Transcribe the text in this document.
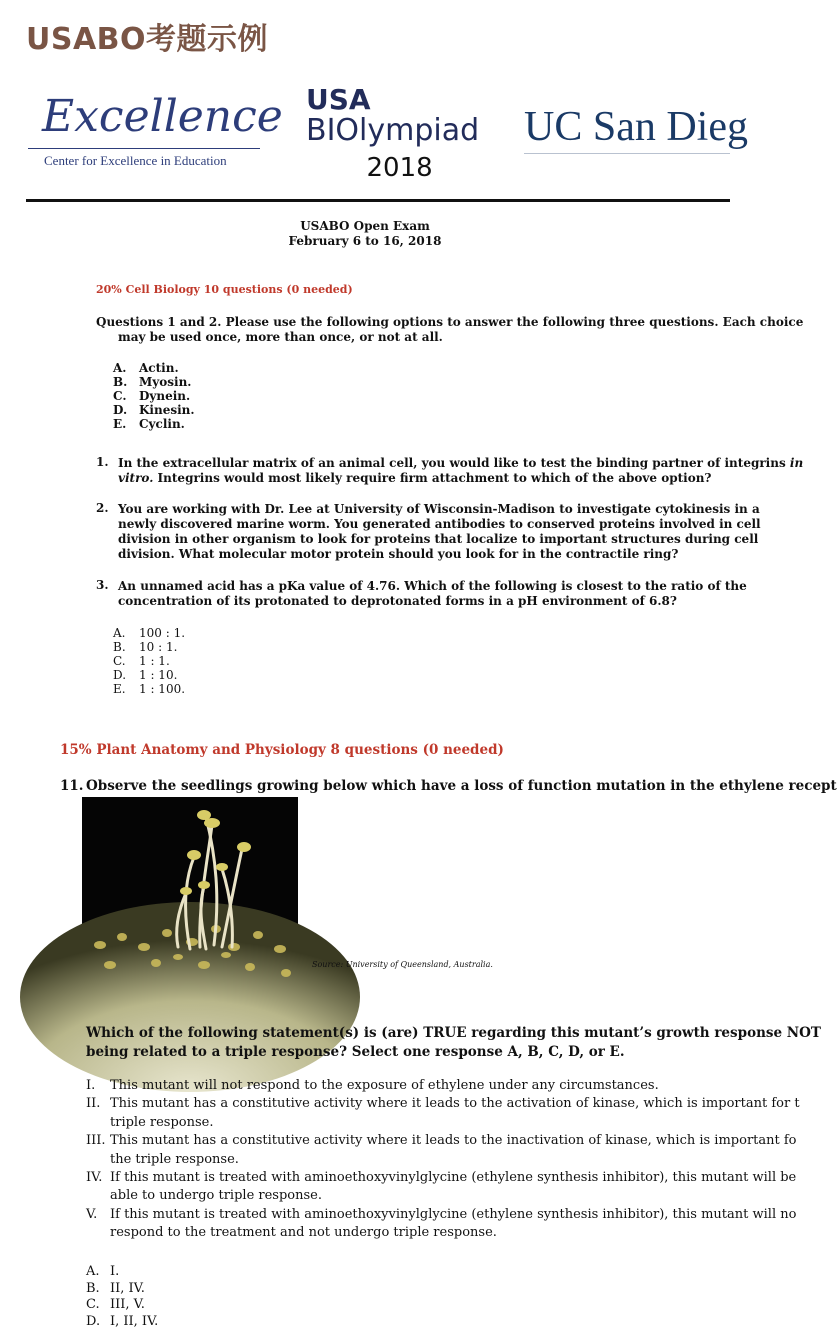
USABO考题示例
Excellence
Center for Excellence in Education
USA
BIOlympiad
2018
UC San Dieg
USABO Open Exam
February 6 to 16, 2018
20% Cell Biology 10 questions (0 needed)
Questions 1 and 2. Please use the following options to answer the following three questions. Each choice
may be used once, more than once, or not at all.
A. Actin.
B. Myosin.
C. Dynein.
D. Kinesin.
E. Cyclin.
1. In the extracellular matrix of an animal cell, you would like to test the binding partner of integrins in
vitro. Integrins would most likely require firm attachment to which of the above option?
2. You are working with Dr. Lee at University of Wisconsin-Madison to investigate cytokinesis in a
newly discovered marine worm. You generated antibodies to conserved proteins involved in cell
division in other organism to look for proteins that localize to important structures during cell
division. What molecular motor protein should you look for in the contractile ring?
3. An unnamed acid has a pKa value of 4.76. Which of the following is closest to the ratio of the
concentration of its protonated to deprotonated forms in a pH environment of 6.8?
A. 100 : 1.
B. 10 : 1.
C. 1 : 1.
D. 1 : 10.
E. 1 : 100.
15% Plant Anatomy and Physiology 8 questions (0 needed)
11. Observe the seedlings growing below which have a loss of function mutation in the ethylene recept
Source: University of Queensland, Australia.
Which of the following statement(s) is (are) TRUE regarding this mutant’s growth response NOT
being related to a triple response? Select one response A, B, C, D, or E.
I. This mutant will not respond to the exposure of ethylene under any circumstances.
II. This mutant has a constitutive activity where it leads to the activation of kinase, which is important for t
triple response.
III. This mutant has a constitutive activity where it leads to the inactivation of kinase, which is important fo
the triple response.
IV. If this mutant is treated with aminoethoxyvinylglycine (ethylene synthesis inhibitor), this mutant will be
able to undergo triple response.
V. If this mutant is treated with aminoethoxyvinylglycine (ethylene synthesis inhibitor), this mutant will no
respond to the treatment and not undergo triple response.
A. I.
B. II, IV.
C. III, V.
D. I, II, IV.
